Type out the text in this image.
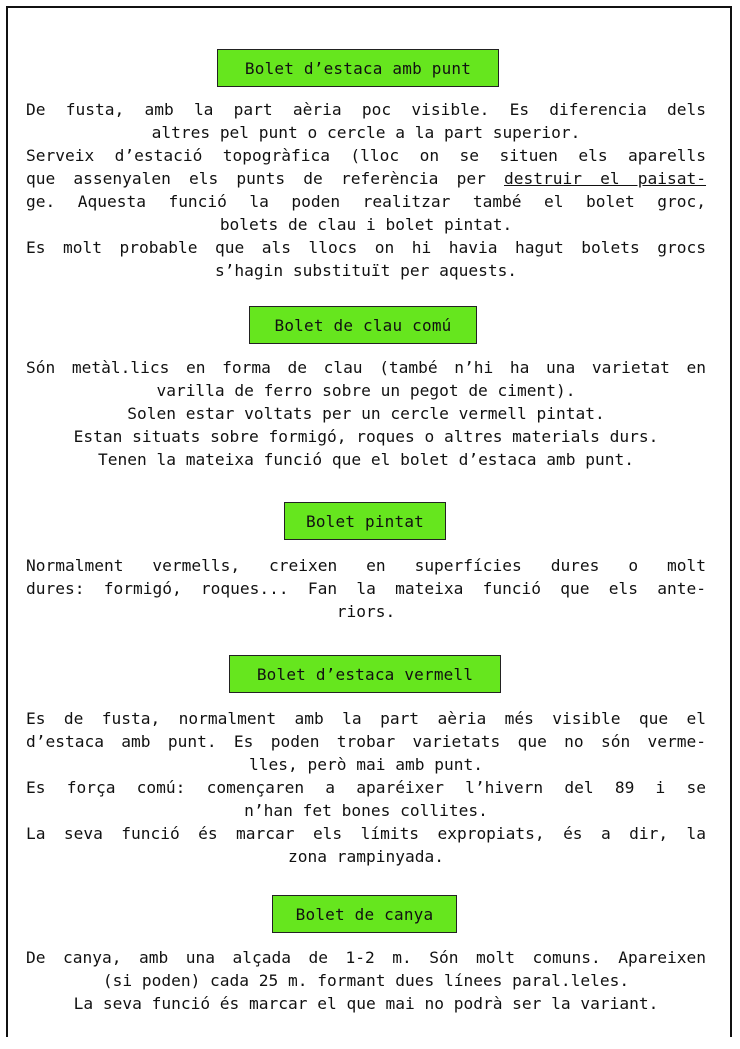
Bolet d’estaca amb punt
De fusta, amb la part aèria poc visible. Es diferencia dels
altres pel punt o cercle a la part superior.
Serveix d’estació topogràfica (lloc on se situen els aparells
que assenyalen els punts de referència per destruir el paisat-
ge. Aquesta funció la poden realitzar també el bolet groc,
bolets de clau i bolet pintat.
Es molt probable que als llocs on hi havia hagut bolets grocs
s’hagin substituït per aquests.
Bolet de clau comú
Són metàl.lics en forma de clau (també n’hi ha una varietat en
varilla de ferro sobre un pegot de ciment).
Solen estar voltats per un cercle vermell pintat.
Estan situats sobre formigó, roques o altres materials durs.
Tenen la mateixa funció que el bolet d’estaca amb punt.
Bolet pintat
Normalment vermells, creixen en superfícies dures o molt
dures: formigó, roques... Fan la mateixa funció que els ante-
riors.
Bolet d’estaca vermell
Es de fusta, normalment amb la part aèria més visible que el
d’estaca amb punt. Es poden trobar varietats que no són verme-
lles, però mai amb punt.
Es força comú: començaren a aparéixer l’hivern del 89 i se
n’han fet bones collites.
La seva funció és marcar els límits expropiats, és a dir, la
zona rampinyada.
Bolet de canya
De canya, amb una alçada de 1-2 m. Són molt comuns. Apareixen
(si poden) cada 25 m. formant dues línees paral.leles.
La seva funció és marcar el que mai no podrà ser la variant.
